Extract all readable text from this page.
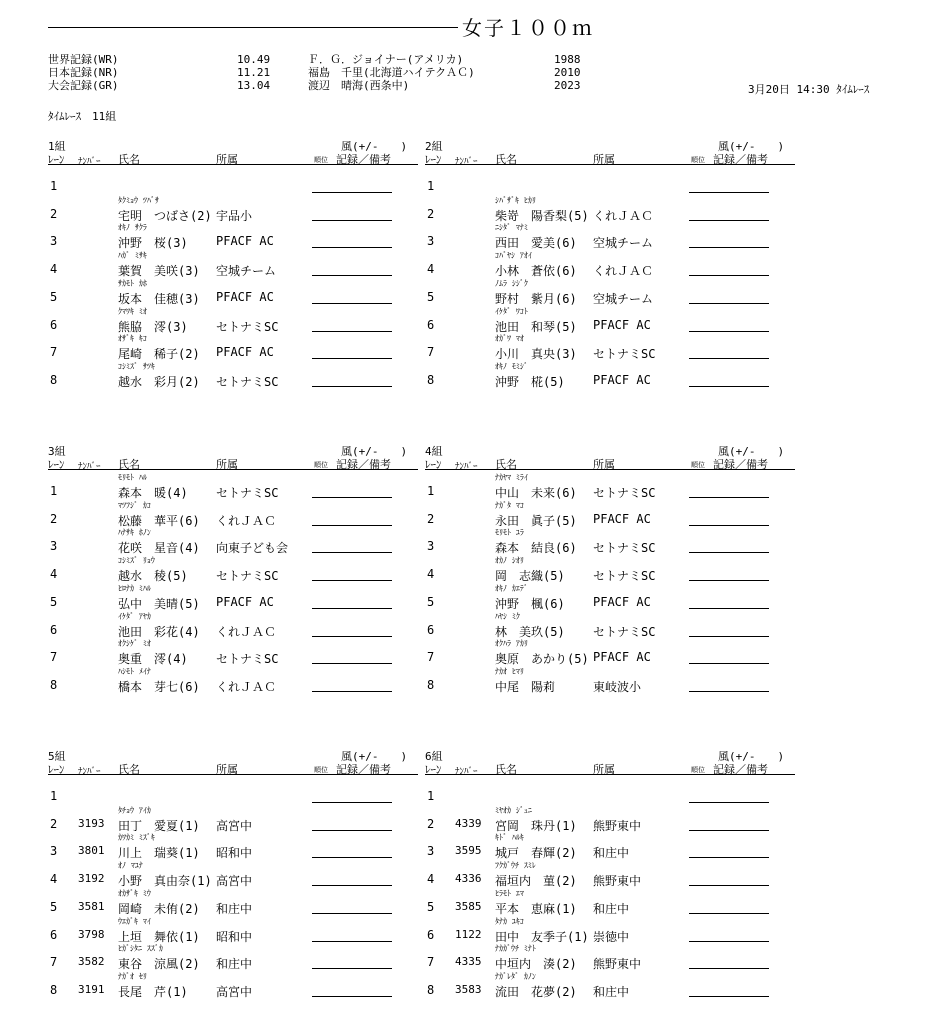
女子１００ｍ
世界記録(WR)	10.49	Ｆ．Ｇ．ジョイナー(アメリカ)	1988
日本記録(NR)	11.21	福島　千里(北海道ハイテクＡＣ)	2010
大会記録(GR)	13.04	渡辺　晴海(西条中)	2023	3月20日 14:30 ﾀｲﾑﾚｰｽ
ﾀｲﾑﾚｰｽ　11組
1組	風(+/-　　)
ﾚｰﾝ ﾅﾝﾊﾞｰ 氏名	所属	順位 記録／備考
1
ﾀｸﾐｮｳ ﾂﾊﾞｻ
2	宅明　つばさ(2) 宇品小
ｵｷﾉ ｻｸﾗ
3	沖野　桜(3) PFACF AC
ﾊｶﾞ ﾐｻｷ
4	葉賀　美咲(3) 空城チーム
ｻｶﾓﾄ ｶﾎ
5	坂本　佳穂(3) PFACF AC
ｸﾏﾜｷ ﾐｵ
6	熊脇　澪(3) セトナミSC
ｵｻﾞｷ ｷｺ
7	尾崎　稀子(2) PFACF AC
ｺｼﾐｽﾞ ｻﾂｷ
8	越水　彩月(2) セトナミSC
2組	風(+/-　　)
ﾚｰﾝ ﾅﾝﾊﾞｰ 氏名	所属	順位 記録／備考
1
ｼﾊﾞｻﾞｷ ﾋｶﾘ
2	柴嵜　陽香梨(5) くれＪＡＣ
ﾆｼﾀﾞ ﾏﾅﾐ
3	西田　愛美(6) 空城チーム
ｺﾊﾞﾔｼ ｱｵｲ
4	小林　蒼依(6) くれＪＡＣ
ﾉﾑﾗ ｼｼﾞｸ
5	野村　紫月(6) 空城チーム
ｲｹﾀﾞ ﾜｺﾄ
6	池田　和琴(5) PFACF AC
ｵｶﾞﾜ ﾏｵ
7	小川　真央(3) セトナミSC
ｵｷﾉ ﾓﾐｼﾞ
8	沖野　椛(5) PFACF AC
3組	風(+/-　　)
ﾚｰﾝ ﾅﾝﾊﾞｰ 氏名	所属	順位 記録／備考
ﾓﾘﾓﾄ ﾊﾙ
1	森本　暖(4) セトナミSC
ﾏﾂﾌｼﾞ ｶｺ
2	松藤　華平(6) くれＪＡＣ
ﾊﾅｻｷ ﾎﾉﾝ
3	花咲　星音(4) 向東子ども会
ｺｼﾐｽﾞ ﾘｮｳ
4	越水　稜(5) セトナミSC
ﾋﾛﾅｶ ﾐﾊﾙ
5	弘中　美晴(5) PFACF AC
ｲｹﾀﾞ ｱﾔｶ
6	池田　彩花(4) くれＪＡＣ
ｵｸｼｹﾞ ﾐｵ
7	奥重　澪(4) セトナミSC
ﾊｼﾓﾄ ﾒｲﾅ
8	橋本　芽七(6) くれＪＡＣ
4組	風(+/-　　)
ﾚｰﾝ ﾅﾝﾊﾞｰ 氏名	所属	順位 記録／備考
ﾅｶﾔﾏ ﾐﾗｲ
1	中山　未来(6) セトナミSC
ﾅｶﾞﾀ ﾏｺ
2	永田　眞子(5) PFACF AC
ﾓﾘﾓﾄ ﾕﾗ
3	森本　結良(6) セトナミSC
ｵｶﾉ ｼｵﾘ
4	岡　志織(5) セトナミSC
ｵｷﾉ ｶｴﾃﾞ
5	沖野　楓(6) PFACF AC
ﾊﾔｼ ﾐｸ
6	林　美玖(5) セトナミSC
ｵｸﾊﾗ ｱｶﾘ
7	奥原　あかり(5) PFACF AC
ﾅｶｵ ﾋﾏﾘ
8	中尾　陽莉	東岐波小
5組	風(+/-　　)
ﾚｰﾝ ﾅﾝﾊﾞｰ 氏名	所属	順位 記録／備考
1
ﾀﾁｮｳ ｱｲｶ
2 3193 田丁　愛夏(1) 高宮中
ｶﾜｶﾐ ﾐｽﾞｷ
3 3801 川上　瑞葵(1) 昭和中
ｵﾉ ﾏﾕﾅ
4 3192 小野　真由奈(1) 高宮中
ｵｶｻﾞｷ ﾐｳ
5 3581 岡崎　未侑(2) 和庄中
ｳｴｶﾞｷ ﾏｲ
6 3798 上垣　舞依(1) 昭和中
ﾋｶﾞｼﾀﾆ ｽｽﾞｶ
7 3582 東谷　涼風(2) 和庄中
ﾅｶﾞｵ ｾﾘ
8 3191 長尾　芹(1) 高宮中
6組	風(+/-　　)
ﾚｰﾝ ﾅﾝﾊﾞｰ 氏名	所属	順位 記録／備考
1
ﾐﾔｵｶ ｼﾞｭﾆ
2 4339 宮岡　珠丹(1) 熊野東中
ｷﾄﾞ ﾊﾙｷ
3 3595 城戸　春輝(2) 和庄中
ﾌｸｶﾞｳﾁ ｽﾐﾚ
4 4336 福垣内　菫(2) 熊野東中
ﾋﾗﾓﾄ ｴﾏ
5 3585 平本　恵麻(1) 和庄中
ﾀﾅｶ ﾕｷｺ
6 1122 田中　友季子(1) 崇徳中
ﾅｶｶﾞｳﾁ ﾐﾅﾄ
7 4335 中垣内　湊(2) 熊野東中
ﾅｶﾞﾚﾀﾞ ｶﾉﾝ
8 3583 流田　花夢(2) 和庄中
